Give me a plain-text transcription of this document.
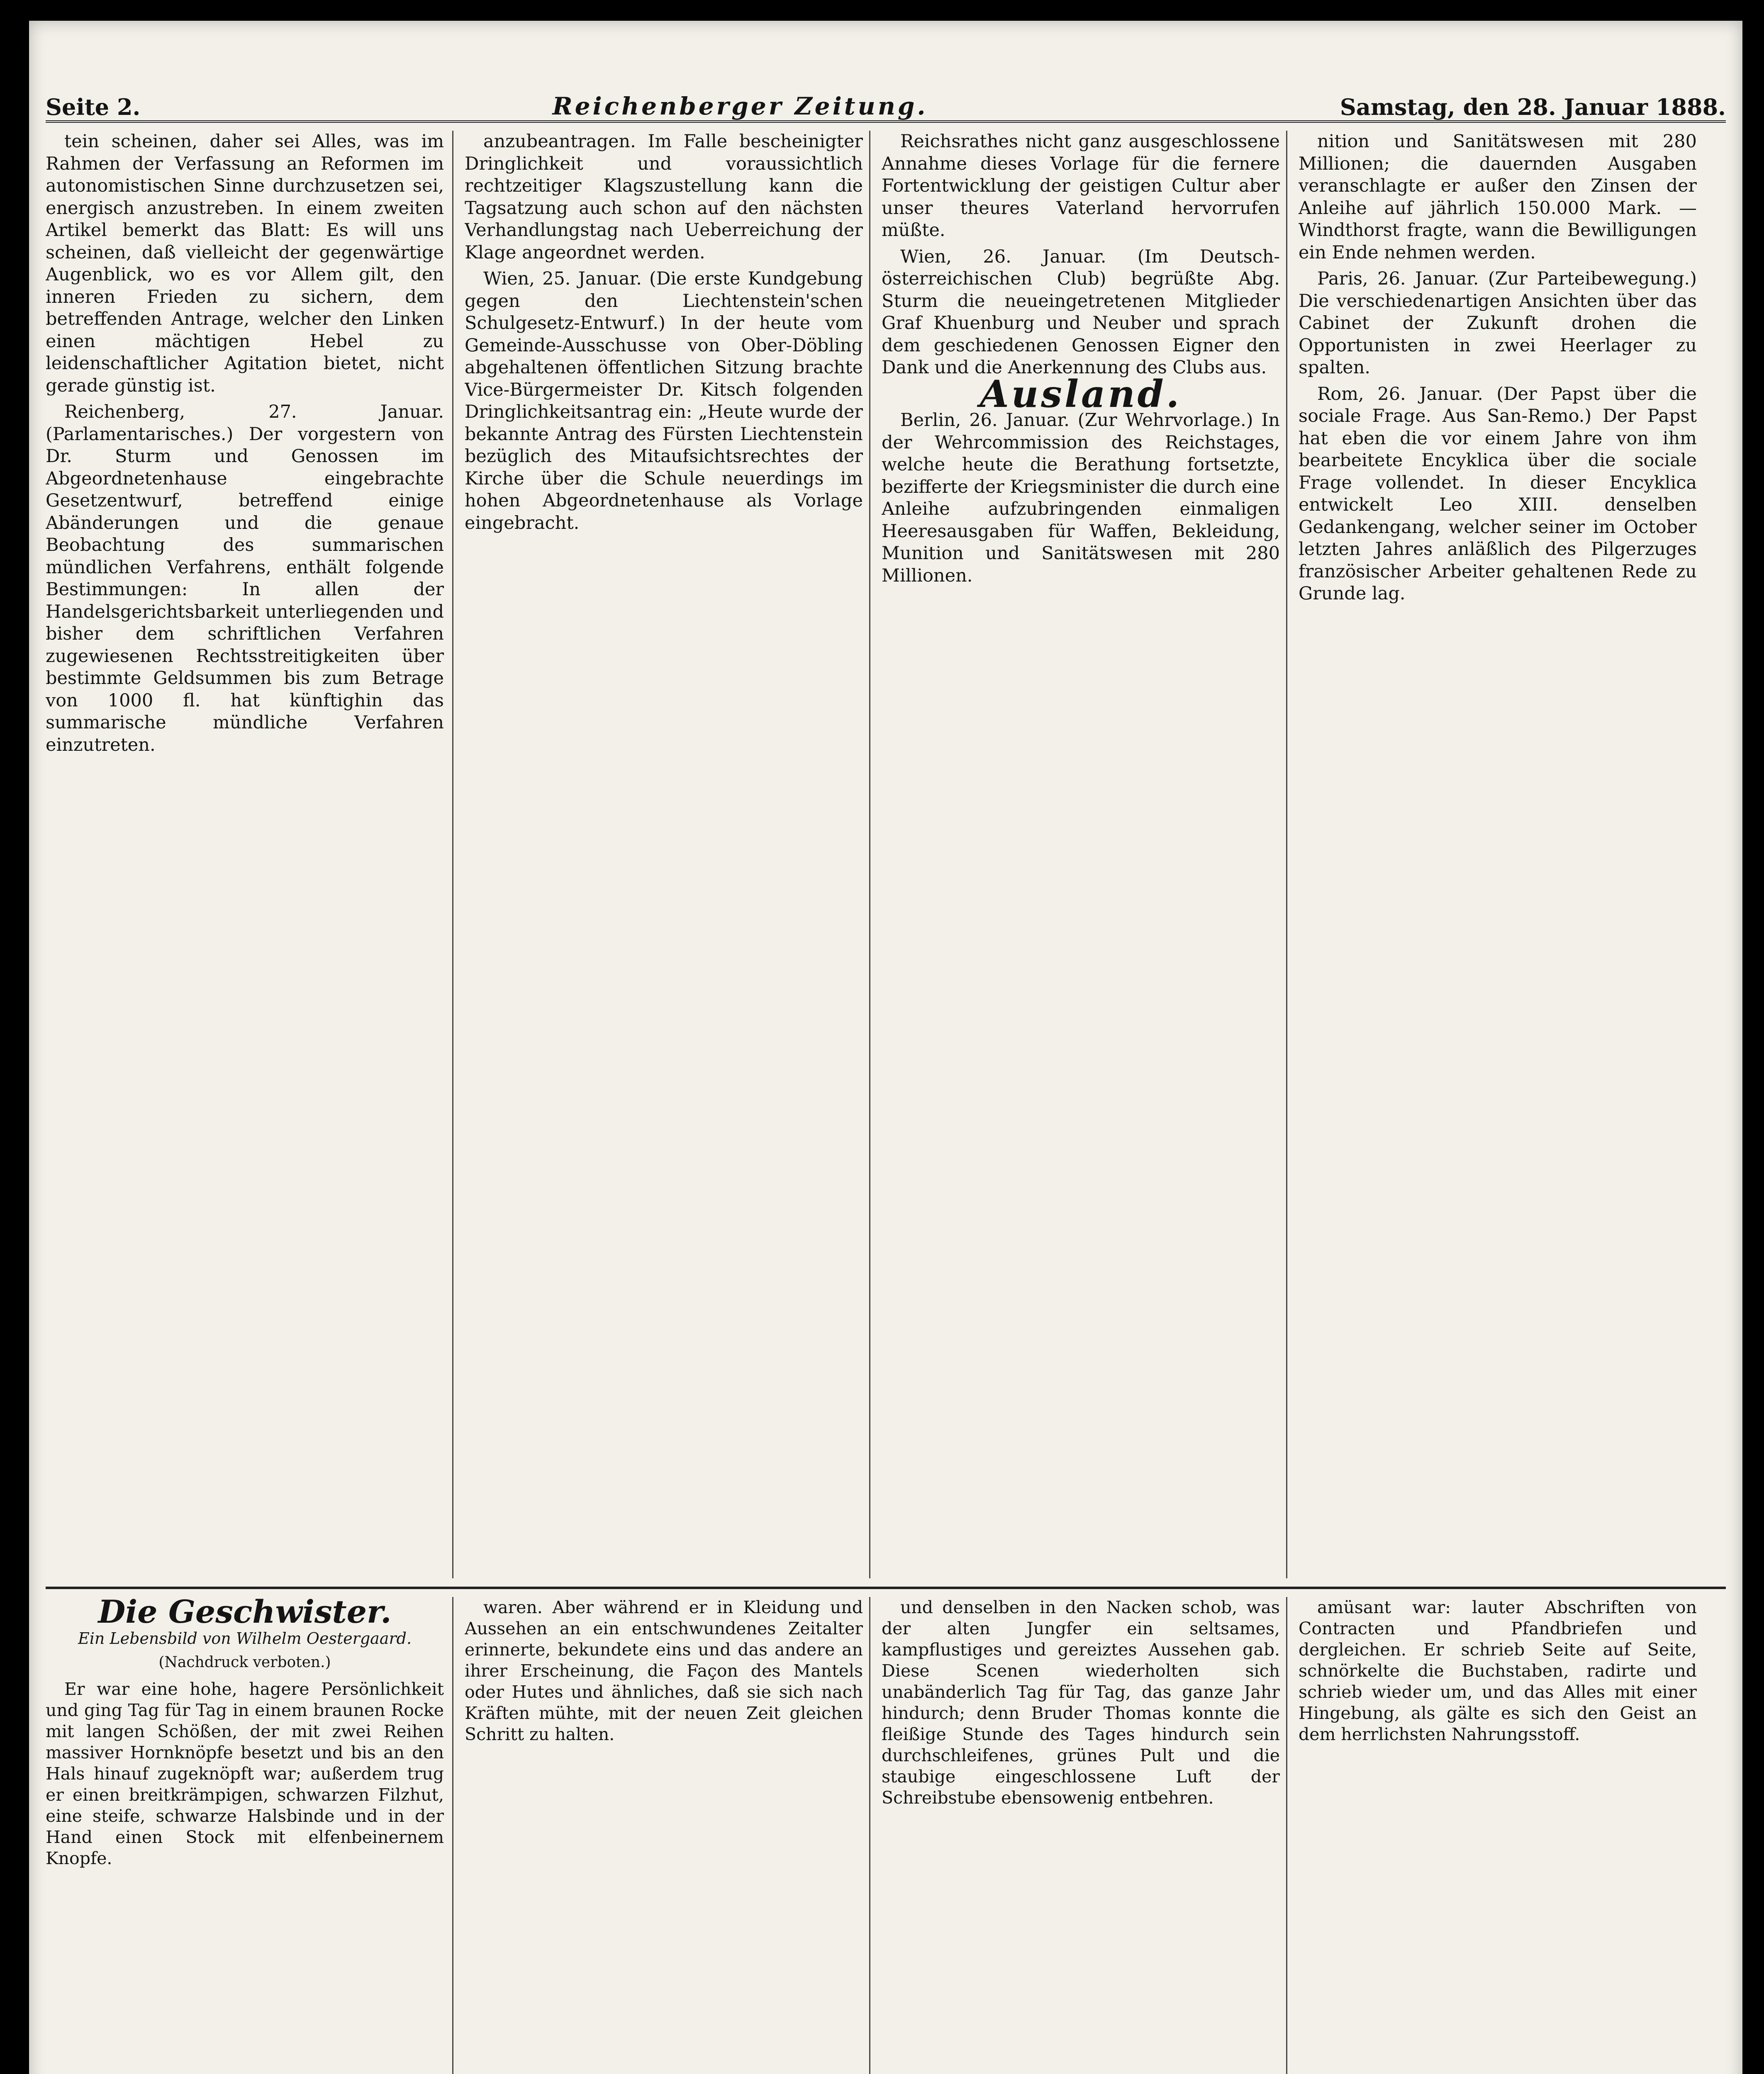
Seite 2.	Reichenberger Zeitung.	Samstag, den 28. Januar 1888.

tein scheinen, daher sei Alles, was im Rahmen der Verfassung an Reformen im autonomistischen Sinne durchzusetzen sei, energisch anzustreben. In einem zweiten Artikel bemerkt das Blatt: Es will uns scheinen, daß vielleicht der gegenwärtige Augenblick, wo es vor Allem gilt, den inneren Frieden zu sichern, dem betreffenden Antrage, welcher den Linken einen mächtigen Hebel zu leidenschaftlicher Agitation bietet, nicht gerade günstig ist.

Reichenberg, 27. Januar. (Parlamentarisches.) Der vorgestern von Dr. Sturm und Genossen im Abgeordnetenhause eingebrachte Gesetzentwurf, betreffend einige Abänderungen und die genaue Beobachtung des summarischen mündlichen Verfahrens, enthält folgende Bestimmungen: In allen der Handelsgerichtsbarkeit unterliegenden und bisher dem schriftlichen Verfahren zugewiesenen Rechtsstreitigkeiten über bestimmte Geldsummen bis zum Betrage von 1000 fl. hat künftighin das summarische mündliche Verfahren einzutreten.

anzubeantragen. Im Falle bescheinigter Dringlichkeit und voraussichtlich rechtzeitiger Klagszustellung kann die Tagsatzung auch schon auf den nächsten Verhandlungstag nach Ueberreichung der Klage angeordnet werden.

Wien, 25. Januar. (Die erste Kundgebung gegen den Liechtenstein'schen Schulgesetz-Entwurf.) In der heute vom Gemeinde-Ausschusse von Ober-Döbling abgehaltenen öffentlichen Sitzung brachte Vice-Bürgermeister Dr. Kitsch folgenden Dringlichkeitsantrag ein: „Heute wurde der bekannte Antrag des Fürsten Liechtenstein bezüglich des Mitaufsichtsrechtes der Kirche über die Schule neuerdings im hohen Abgeordnetenhause als Vorlage eingebracht.

Reichsrathes nicht ganz ausgeschlossene Annahme dieses Vorlage für die fernere Fortentwicklung der geistigen Cultur aber unser theures Vaterland hervorrufen müßte.

Wien, 26. Januar. (Im Deutsch-österreichischen Club) begrüßte Abg. Sturm die neueingetretenen Mitglieder Graf Khuenburg und Neuber und sprach dem geschiedenen Genossen Eigner den Dank und die Anerkennung des Clubs aus.

Ausland.

Berlin, 26. Januar. (Zur Wehrvorlage.) In der Wehrcommission des Reichstages, welche heute die Berathung fortsetzte, bezifferte der Kriegsminister die durch eine Anleihe aufzubringenden einmaligen Heeresausgaben für Waffen, Bekleidung, Munition und Sanitätswesen mit 280 Millionen.

nition und Sanitätswesen mit 280 Millionen; die dauernden Ausgaben veranschlagte er außer den Zinsen der Anleihe auf jährlich 150.000 Mark. — Windthorst fragte, wann die Bewilligungen ein Ende nehmen werden.

Paris, 26. Januar. (Zur Parteibewegung.) Die verschiedenartigen Ansichten über das Cabinet der Zukunft drohen die Opportunisten in zwei Heerlager zu spalten.

Rom, 26. Januar. (Der Papst über die sociale Frage. Aus San-Remo.) Der Papst hat eben die vor einem Jahre von ihm bearbeitete Encyklica über die sociale Frage vollendet. In dieser Encyklica entwickelt Leo XIII. denselben Gedankengang, welcher seiner im October letzten Jahres anläßlich des Pilgerzuges französischer Arbeiter gehaltenen Rede zu Grunde lag.

Die Geschwister.
Ein Lebensbild von Wilhelm Oestergaard.
(Nachdruck verboten.)

Er war eine hohe, hagere Persönlichkeit und ging Tag für Tag in einem braunen Rocke mit langen Schößen, der mit zwei Reihen massiver Hornknöpfe besetzt und bis an den Hals hinauf zugeknöpft war; außerdem trug er einen breitkrämpigen, schwarzen Filzhut, eine steife, schwarze Halsbinde und in der Hand einen Stock mit elfenbeinernem Knopfe.

waren. Aber während er in Kleidung und Aussehen an ein entschwundenes Zeitalter erinnerte, bekundete eins und das andere an ihrer Erscheinung, die Façon des Mantels oder Hutes und ähnliches, daß sie sich nach Kräften mühte, mit der neuen Zeit gleichen Schritt zu halten.

und denselben in den Nacken schob, was der alten Jungfer ein seltsames, kampflustiges und gereiztes Aussehen gab. Diese Scenen wiederholten sich unabänderlich Tag für Tag, das ganze Jahr hindurch; denn Bruder Thomas konnte die fleißige Stunde des Tages hindurch sein durchschleifenes, grünes Pult und die staubige eingeschlossene Luft der Schreibstube ebensowenig entbehren.

amüsant war: lauter Abschriften von Contracten und Pfandbriefen und dergleichen. Er schrieb Seite auf Seite, schnörkelte die Buchstaben, radirte und schrieb wieder um, und das Alles mit einer Hingebung, als gälte es sich den Geist an dem herrlichsten Nahrungsstoff.
